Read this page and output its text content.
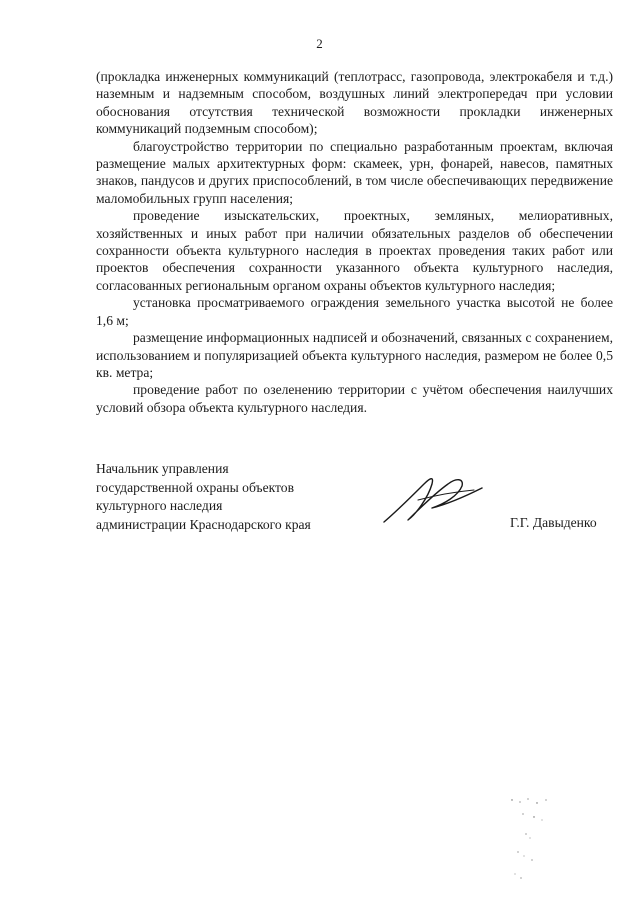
2

(прокладка инженерных коммуникаций (теплотрасс, газопровода, электрокабеля и т.д.) наземным и надземным способом, воздушных линий электропередач при условии обоснования отсутствия технической возможности прокладки инженерных коммуникаций подземным способом);

благоустройство территории по специально разработанным проектам, включая размещение малых архитектурных форм: скамеек, урн, фонарей, навесов, памятных знаков, пандусов и других приспособлений, в том числе обеспечивающих передвижение маломобильных групп населения;

проведение изыскательских, проектных, земляных, мелиоративных, хозяйственных и иных работ при наличии обязательных разделов об обеспечении сохранности объекта культурного наследия в проектах проведения таких работ или проектов обеспечения сохранности указанного объекта культурного наследия, согласованных региональным органом охраны объектов культурного наследия;

установка просматриваемого ограждения земельного участка высотой не более 1,6 м;

размещение информационных надписей и обозначений, связанных с сохранением, использованием и популяризацией объекта культурного наследия, размером не более 0,5 кв. метра;

проведение работ по озеленению территории с учётом обеспечения наилучших условий обзора объекта культурного наследия.

Начальник управления
государственной охраны объектов
культурного наследия
администрации Краснодарского края	Г.Г. Давыденко
